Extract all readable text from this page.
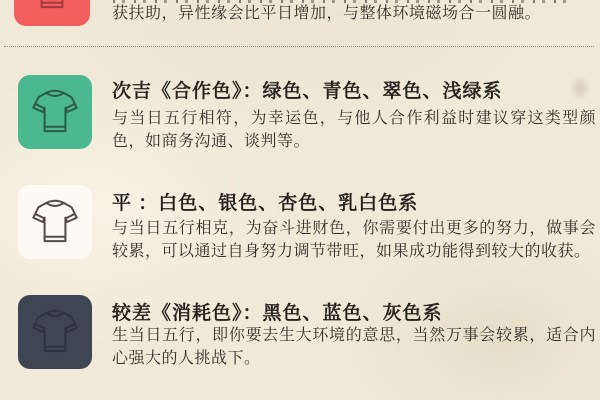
获扶助，异性缘会比平日增加，与整体环境磁场合一圆融。

次吉《合作色》：绿色、青色、翠色、浅绿系

与当日五行相符，为幸运色，与他人合作利益时建议穿这类型颜色，如商务沟通、谈判等。

平 ：白色、银色、杏色、乳白色系

与当日五行相克，为奋斗进财色，你需要付出更多的努力，做事会较累，可以通过自身努力调节带旺，如果成功能得到较大的收获。

较差《消耗色》：黑色、蓝色、灰色系

生当日五行，即你要去生大环境的意思，当然万事会较累，适合内心强大的人挑战下。
